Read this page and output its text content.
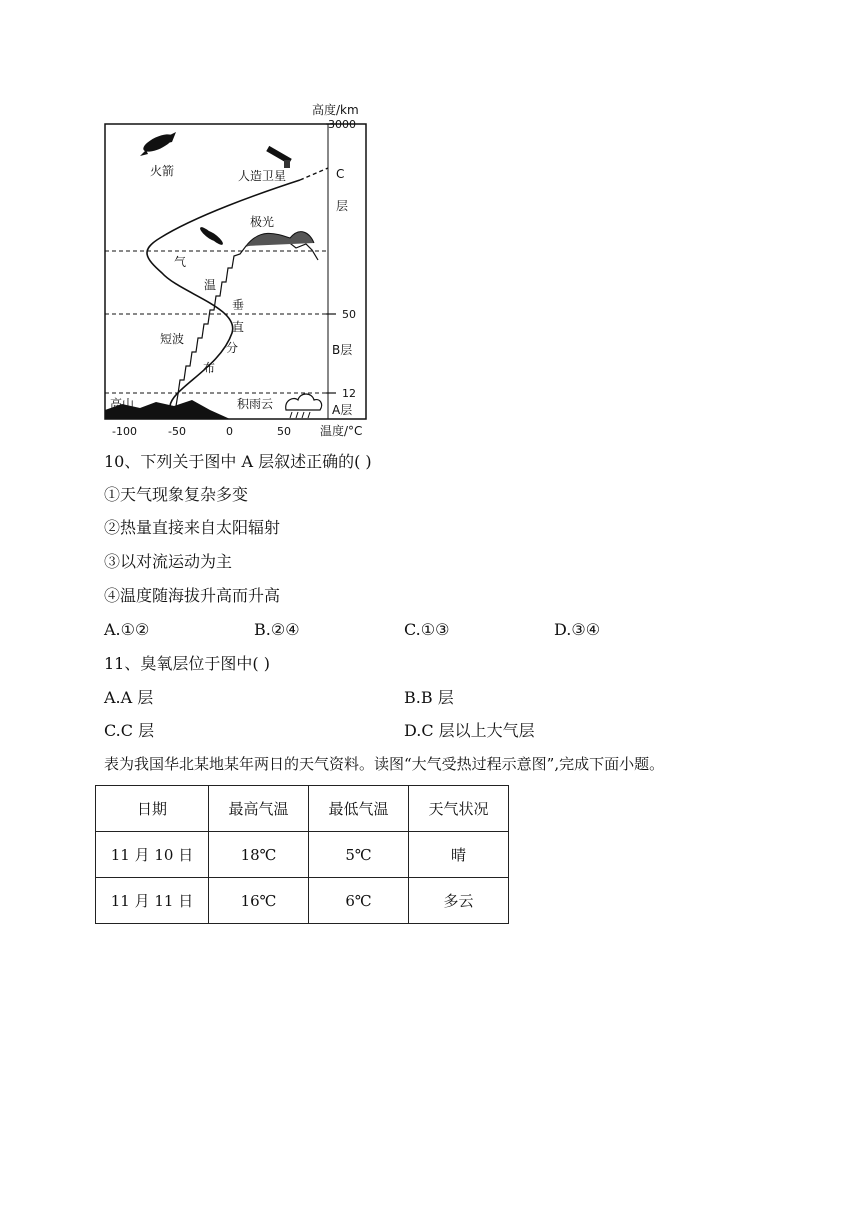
高度/km
3000
50
12
C
层
B层
A层
火箭	人造卫星
极光
气
温
垂
直
分
布
短波
高山	积雨云
-100	-50	0	50 温度/°C
10、下列关于图中 A 层叙述正确的( )
①天气现象复杂多变
②热量直接来自太阳辐射
③以对流运动为主
④温度随海拔升高而升高
A.①②	B.②④	C.①③	D.③④
11、臭氧层位于图中( )
A.A 层	B.B 层
C.C 层	D.C 层以上大气层
表为我国华北某地某年两日的天气资料。读图“大气受热过程示意图”,完成下面小题。
日期	最高气温	最低气温	天气状况
11 月 10 日	18℃	5℃	晴
11 月 11 日	16℃	6℃	多云
